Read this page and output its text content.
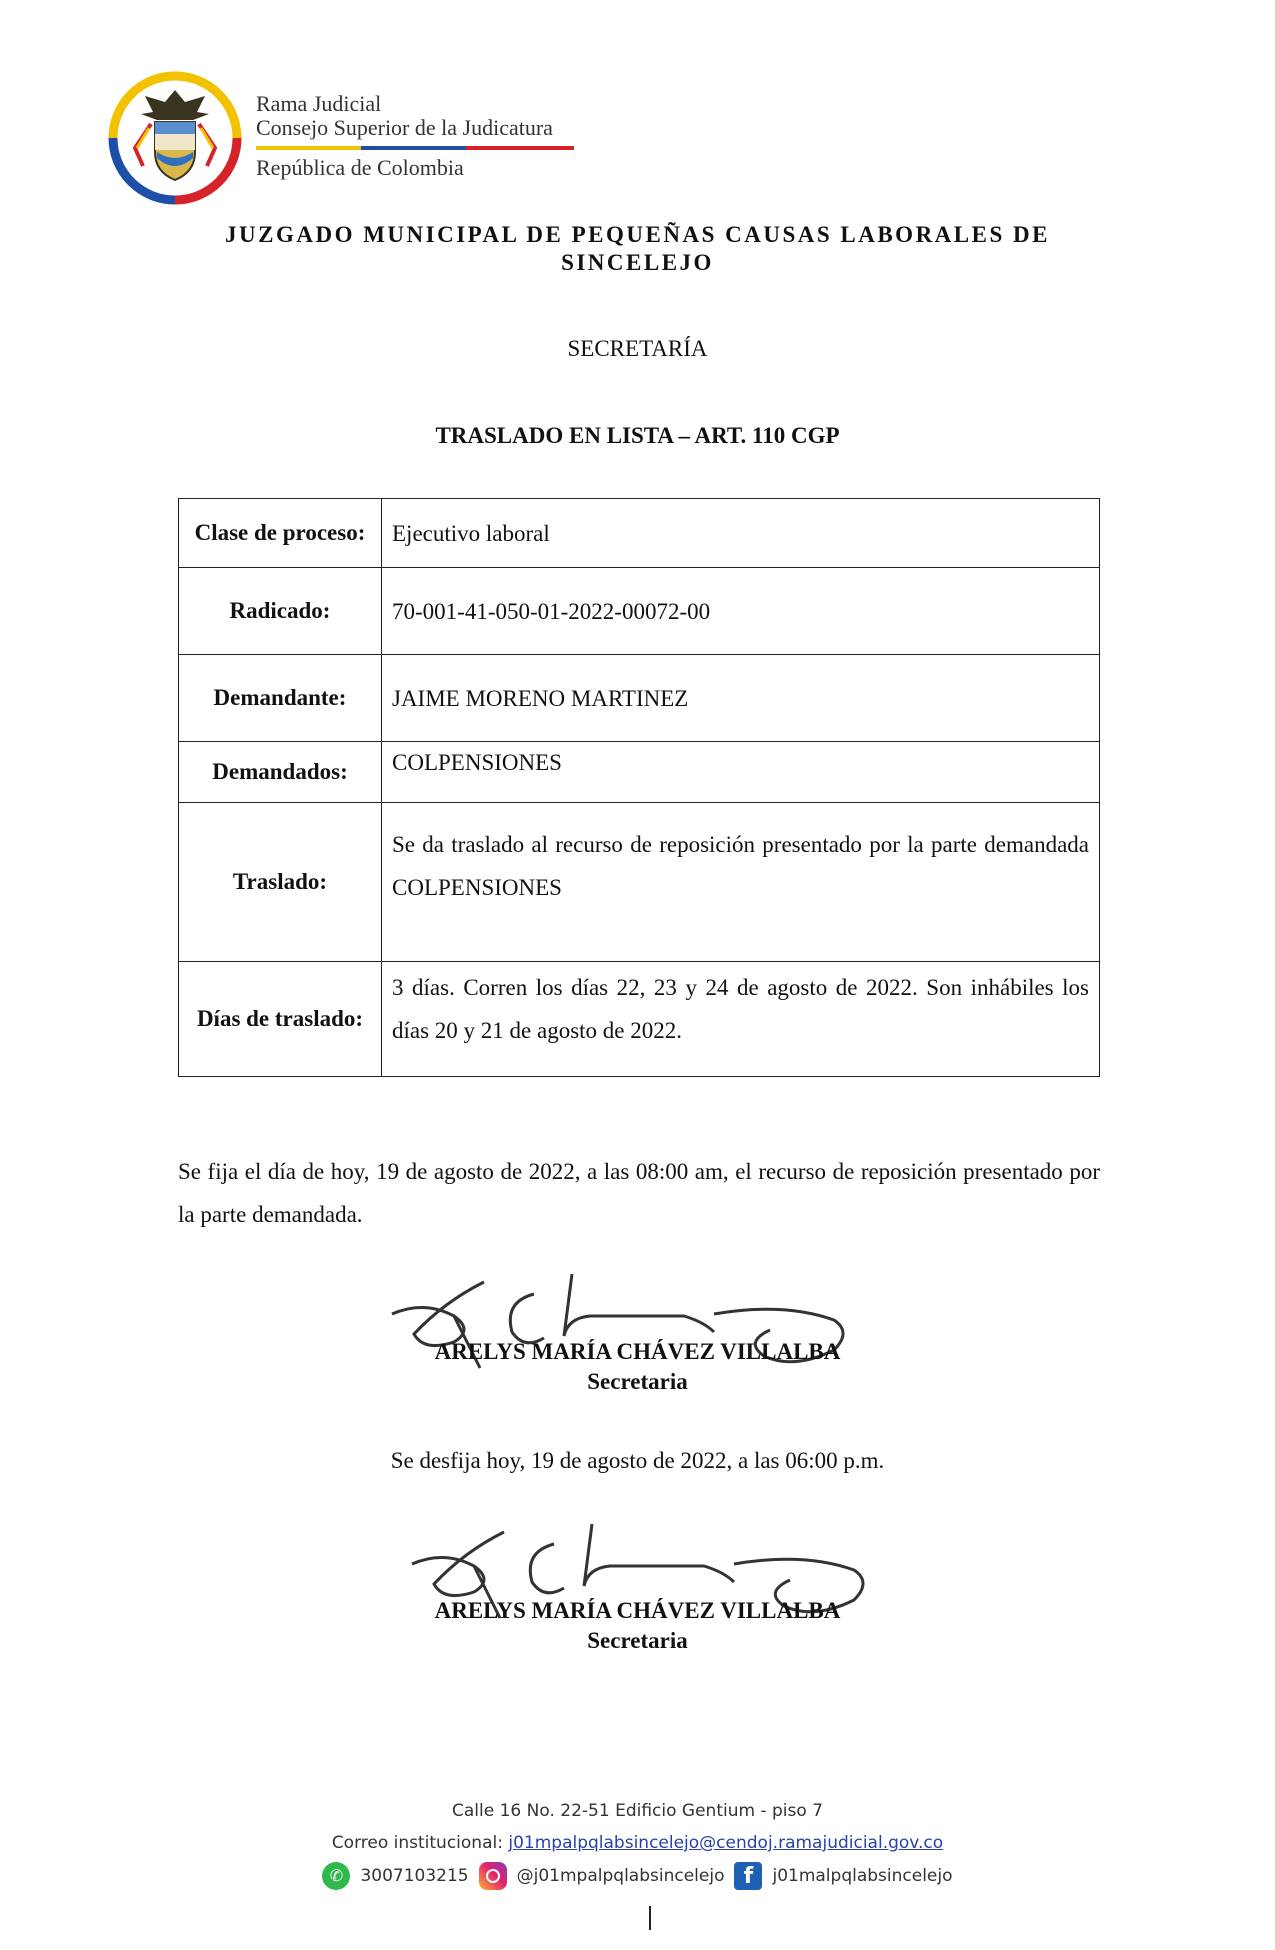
Rama Judicial
Consejo Superior de la Judicatura
República de Colombia
JUZGADO MUNICIPAL DE PEQUEÑAS CAUSAS LABORALES DE SINCELEJO
SECRETARÍA
TRASLADO EN LISTA – ART. 110 CGP
Clase de proceso:	Ejecutivo laboral
Radicado:	70-001-41-050-01-2022-00072-00
Demandante:	JAIME MORENO MARTINEZ
Demandados:	COLPENSIONES
Traslado:	Se da traslado al recurso de reposición presentado por la parte demandada COLPENSIONES
Días de traslado:	3 días. Corren los días 22, 23 y 24 de agosto de 2022. Son inhábiles los días 20 y 21 de agosto de 2022.
Se fija el día de hoy, 19 de agosto de 2022, a las 08:00 am, el recurso de reposición presentado por la parte demandada.
ARELYS MARÍA CHÁVEZ VILLALBA
Secretaria
Se desfija hoy, 19 de agosto de 2022, a las 06:00 p.m.
ARELYS MARÍA CHÁVEZ VILLALBA
Secretaria
Calle 16 No. 22-51 Edificio Gentium - piso 7
Correo institucional: j01mpalpqlabsincelejo@cendoj.ramajudicial.gov.co
✆	3007103215	@j01mpalpqlabsincelejo f	j01malpqlabsincelejo
